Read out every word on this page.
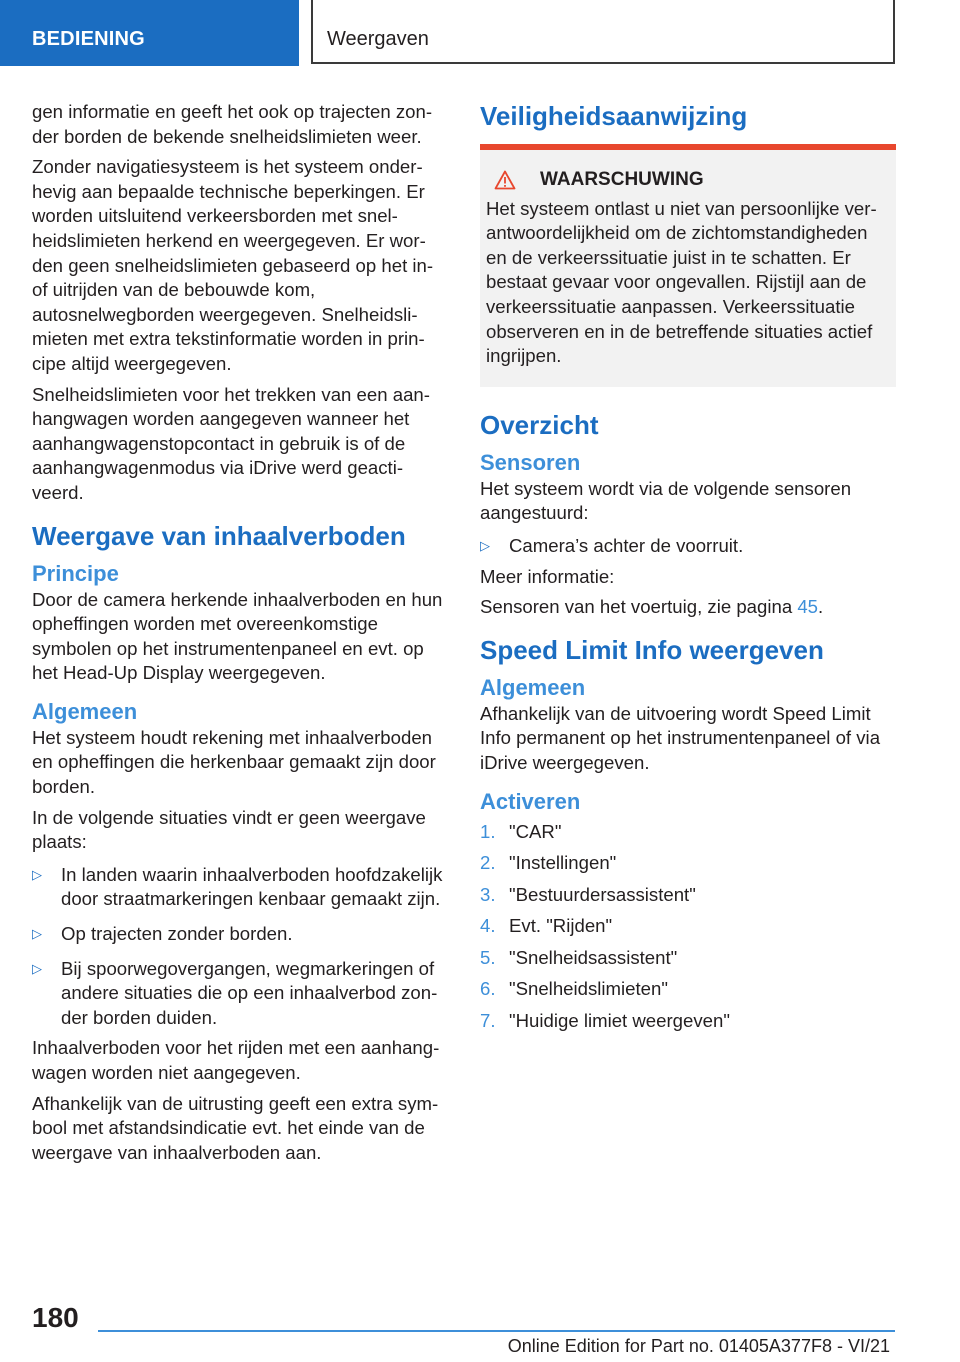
BEDIENING	Weergaven

gen informatie en geeft het ook op trajecten zon- der borden de bekende snelheidslimieten weer.

Zonder navigatiesysteem is het systeem onder- hevig aan bepaalde technische beperkingen. Er worden uitsluitend verkeersborden met snel- heidslimieten herkend en weergegeven. Er wor- den geen snelheidslimieten gebaseerd op het in- of uitrijden van de bebouwde kom, autosnelwegborden weergegeven. Snelheidsli- mieten met extra tekstinformatie worden in prin- cipe altijd weergegeven.

Snelheidslimieten voor het trekken van een aan- hangwagen worden aangegeven wanneer het aanhangwagenstopcontact in gebruik is of de aanhangwagenmodus via iDrive werd geacti- veerd.

Weergave van inhaalverboden
Principe

Door de camera herkende inhaalverboden en hun opheffingen worden met overeenkomstige symbolen op het instrumentenpaneel en evt. op het Head-Up Display weergegeven.

Algemeen

Het systeem houdt rekening met inhaalverboden en opheffingen die herkenbaar gemaakt zijn door borden.

In de volgende situaties vindt er geen weergave plaats:

▷ In landen waarin inhaalverboden hoofdzakelijk door straatmarkeringen kenbaar gemaakt zijn.
▷ Op trajecten zonder borden.
▷ Bij spoorwegovergangen, wegmarkeringen of andere situaties die op een inhaalverbod zon- der borden duiden.

Inhaalverboden voor het rijden met een aanhang- wagen worden niet aangegeven.

Afhankelijk van de uitrusting geeft een extra sym- bool met afstandsindicatie evt. het einde van de weergave van inhaalverboden aan.

Veiligheidsaanwijzing
WAARSCHUWING
Het systeem ontlast u niet van persoonlijke ver- antwoordelijkheid om de zichtomstandigheden en de verkeerssituatie juist in te schatten. Er bestaat gevaar voor ongevallen. Rijstijl aan de verkeerssituatie aanpassen. Verkeerssituatie observeren en in de betreffende situaties actief ingrijpen.
Overzicht
Sensoren

Het systeem wordt via de volgende sensoren aangestuurd:

▷ Camera’s achter de voorruit.

Meer informatie:

Sensoren van het voertuig, zie pagina 45.

Speed Limit Info weergeven
Algemeen

Afhankelijk van de uitvoering wordt Speed Limit Info permanent op het instrumentenpaneel of via iDrive weergegeven.

Activeren
1. "CAR"
2. "Instellingen"
3. "Bestuurdersassistent"
4. Evt. "Rijden"
5. "Snelheidsassistent"
6. "Snelheidslimieten"
7. "Huidige limiet weergeven"
180
Online Edition for Part no. 01405A377F8 - VI/21
